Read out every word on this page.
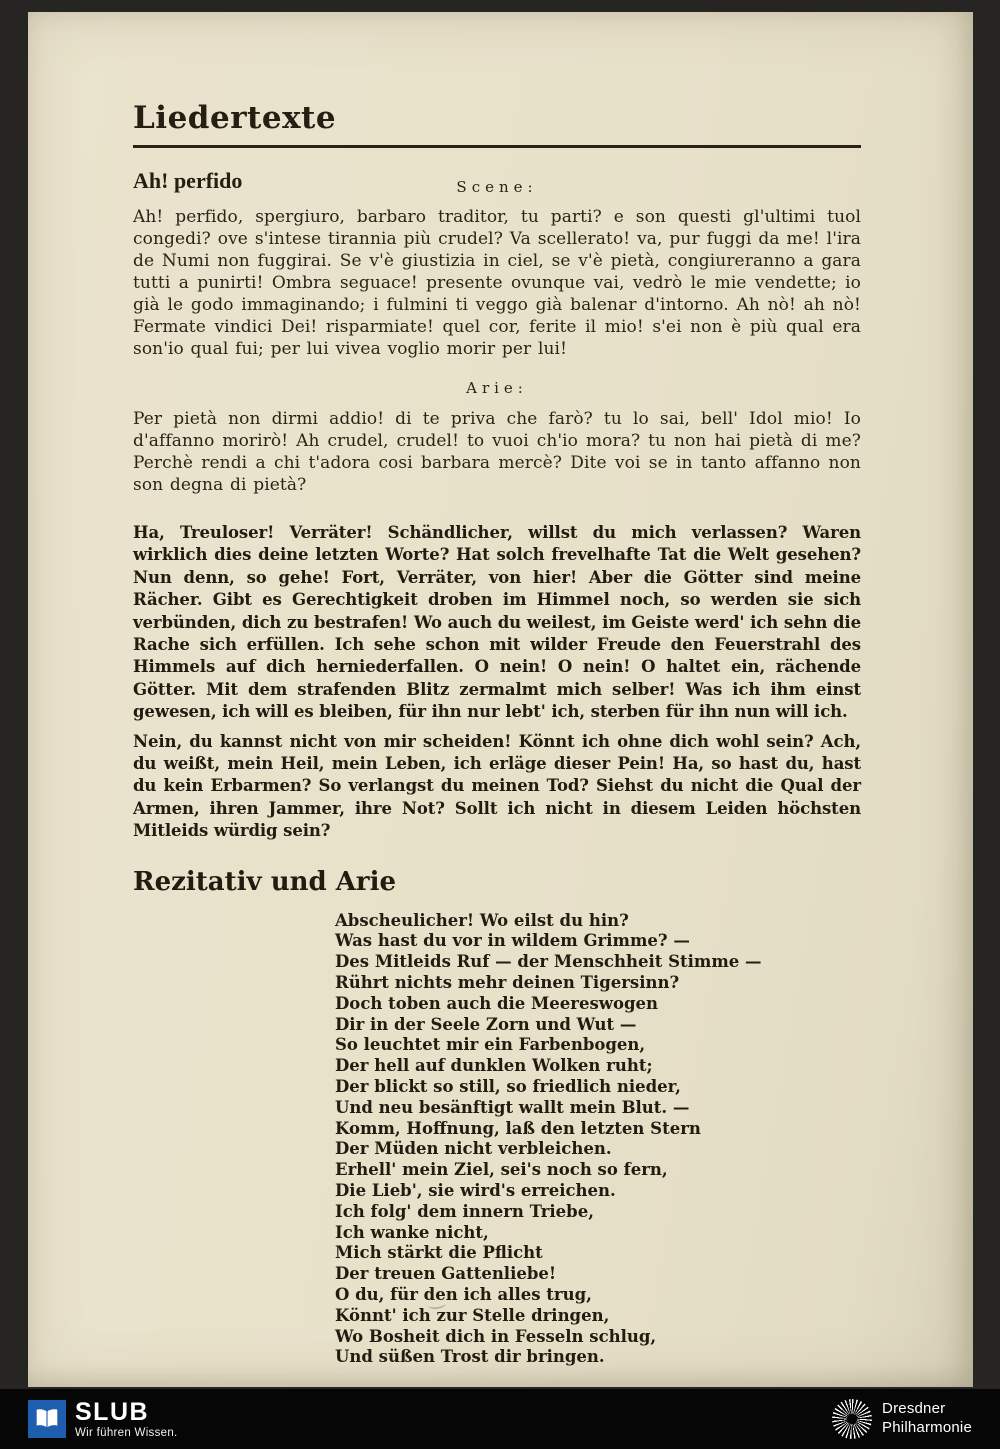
Liedertexte
Ah! perfido	Scene:

Ah! perfido, spergiuro, barbaro traditor, tu parti? e son questi gl'ultimi tuol congedi? ove s'intese tirannia più crudel? Va scellerato! va, pur fuggi da me! l'ira de Numi non fuggirai. Se v'è giustizia in ciel, se v'è pietà, congiureranno a gara tutti a punirti! Ombra seguace! presente ovunque vai, vedrò le mie vendette; io già le godo immaginando; i fulmini ti veggo già balenar d'intorno. Ah nò! ah nò! Fermate vindici Dei! risparmiate! quel cor, ferite il mio! s'ei non è più qual era son'io qual fui; per lui vivea voglio morir per lui!

Arie:

Per pietà non dirmi addio! di te priva che farò? tu lo sai, bell' Idol mio! Io d'affanno morirò! Ah crudel, crudel! to vuoi ch'io mora? tu non hai pietà di me? Perchè rendi a chi t'adora cosi barbara mercè? Dite voi se in tanto affanno non son degna di pietà?

Ha, Treuloser! Verräter! Schändlicher, willst du mich verlassen? Waren wirklich dies deine letzten Worte? Hat solch frevelhafte Tat die Welt gesehen? Nun denn, so gehe! Fort, Verräter, von hier! Aber die Götter sind meine Rächer. Gibt es Gerechtigkeit droben im Himmel noch, so werden sie sich verbünden, dich zu bestrafen! Wo auch du weilest, im Geiste werd' ich sehn die Rache sich erfüllen. Ich sehe schon mit wilder Freude den Feuerstrahl des Himmels auf dich herniederfallen. O nein! O nein! O haltet ein, rächende Götter. Mit dem strafenden Blitz zermalmt mich selber! Was ich ihm einst gewesen, ich will es bleiben, für ihn nur lebt' ich, sterben für ihn nun will ich.

Nein, du kannst nicht von mir scheiden! Könnt ich ohne dich wohl sein? Ach, du weißt, mein Heil, mein Leben, ich erläge dieser Pein! Ha, so hast du, hast du kein Erbarmen? So verlangst du meinen Tod? Siehst du nicht die Qual der Armen, ihren Jammer, ihre Not? Sollt ich nicht in diesem Leiden höchsten Mitleids würdig sein?

Rezitativ und Arie
Abscheulicher! Wo eilst du hin?
Was hast du vor in wildem Grimme? —
Des Mitleids Ruf — der Menschheit Stimme —
Rührt nichts mehr deinen Tigersinn?
Doch toben auch die Meereswogen
Dir in der Seele Zorn und Wut —
So leuchtet mir ein Farbenbogen,
Der hell auf dunklen Wolken ruht;
Der blickt so still, so friedlich nieder,
Und neu besänftigt wallt mein Blut. —
Komm, Hoffnung, laß den letzten Stern
Der Müden nicht verbleichen.
Erhell' mein Ziel, sei's noch so fern,
Die Lieb', sie wird's erreichen.
Ich folg' dem innern Triebe,
Ich wanke nicht,
Mich stärkt die Pflicht
Der treuen Gattenliebe!
O du, für den ich alles trug,
Könnt' ich zur Stelle dringen,
Wo Bosheit dich in Fesseln schlug,
Und süßen Trost dir bringen.
SLUB
Wir führen Wissen.
Dresdner
Philharmonie
